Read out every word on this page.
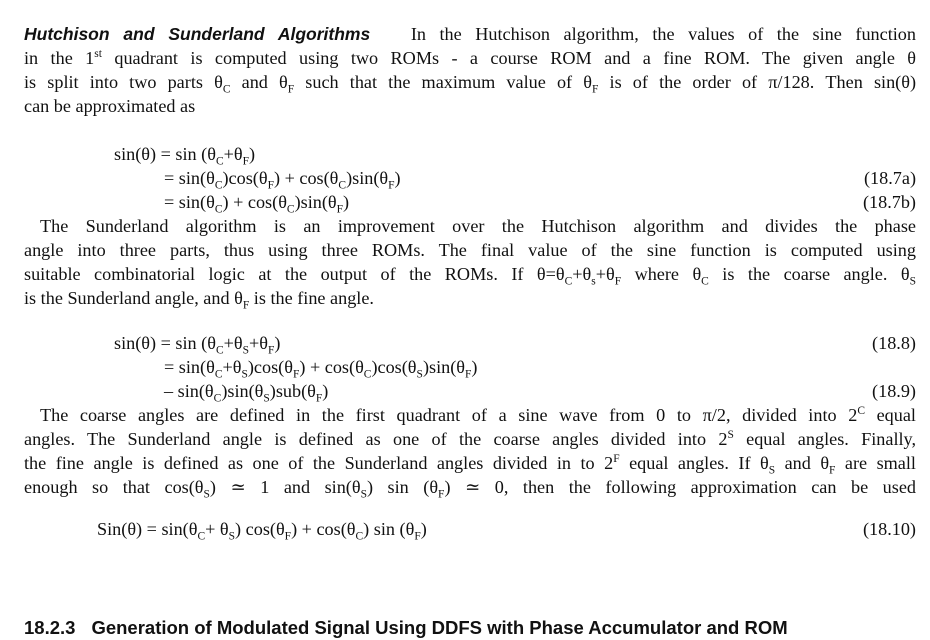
Hutchison and Sunderland Algorithms In the Hutchison algorithm, the values of the sine function
in the 1st quadrant is computed using two ROMs - a course ROM and a fine ROM. The given angle θ
is split into two parts $\theta_C$ and $\theta_F$ such that the maximum value of $\theta_F$ is of the order of π/128. Then sin(θ)
can be approximated as
$\sin(\theta) = \sin (\theta_C+\theta_F)$
= $\sin(\theta_C)\cos(\theta_F) + \cos(\theta_C)\sin(\theta_F)$	(18.7a)
= $\sin(\theta_C) + \cos(\theta_C)\sin(\theta_F)$	(18.7b)
The Sunderland algorithm is an improvement over the Hutchison algorithm and divides the phase
angle into three parts, thus using three ROMs. The final value of the sine function is computed using
suitable combinatorial logic at the output of the ROMs. If $\theta=\theta_C+\theta_s+\theta_F$ where $\theta_C$ is the coarse angle. $\theta_S$
is the Sunderland angle, and $\theta_F$ is the fine angle.
$\sin(\theta) = \sin (\theta_C+\theta_S+\theta_F)$	(18.8)
= $\sin(\theta_C+\theta_S)\cos(\theta_F) + \cos(\theta_C)\cos(\theta_S)\sin(\theta_F)$
– $\sin(\theta_C)\sin(\theta_S)sub(\theta_F)$	(18.9)
The coarse angles are defined in the first quadrant of a sine wave from 0 to π/2, divided into $2^C$ equal
angles. The Sunderland angle is defined as one of the coarse angles divided into $2^S$ equal angles. Finally,
the fine angle is defined as one of the Sunderland angles divided in to $2^F$ equal angles. If $\theta_S$ and $\theta_F$ are small
enough so that $\cos(\theta_S)$ ≃ 1 and $\sin(\theta_S)$ $\sin (\theta_F)$ ≃ 0, then the following approximation can be used
$Sin(\theta) = \sin(\theta_C+ \theta_S) \cos(\theta_F) + \cos(\theta_C)$ $\sin (\theta_F)$	(18.10)
18.2.3 Generation of Modulated Signal Using DDFS with Phase Accumulator and ROM
